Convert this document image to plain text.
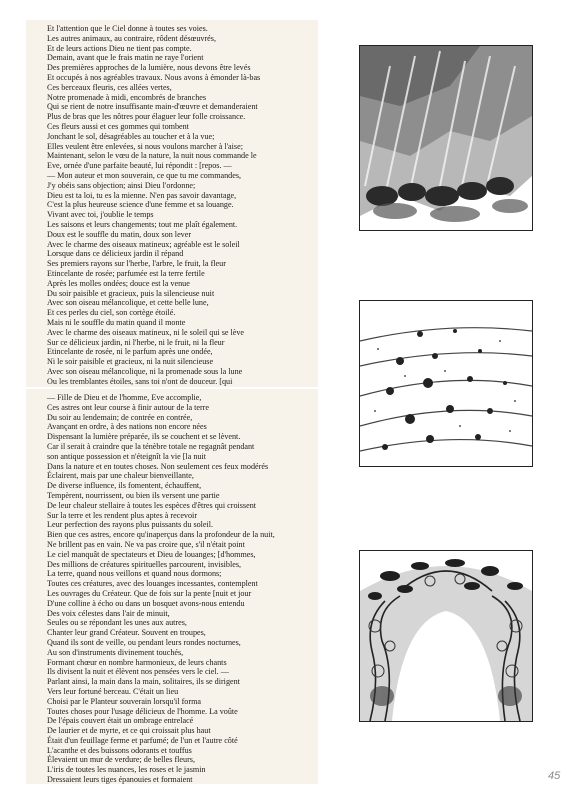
Et l'attention que le Ciel donne à toutes ses voies.
Les autres animaux, au contraire, rôdent désœuvrés,
Et de leurs actions Dieu ne tient pas compte.
Demain, avant que le frais matin ne raye l'orient
Des premières approches de la lumière, nous devons être levés
Et occupés à nos agréables travaux. Nous avons à émonder là-bas
Ces berceaux fleuris, ces allées vertes,
Notre promenade à midi, encombrés de branches
Qui se rient de notre insuffisante main-d'œuvre et demanderaient
Plus de bras que les nôtres pour élaguer leur folle croissance.
Ces fleurs aussi et ces gommes qui tombent
Jonchant le sol, désagréables au toucher et à la vue;
Elles veulent être enlevées, si nous voulons marcher à l'aise;
Maintenant, selon le vœu de la nature, la nuit nous commande le
Eve, ornée d'une parfaite beauté, lui répondit : [repos. —
— Mon auteur et mon souverain, ce que tu me commandes,
J'y obéis sans objection; ainsi Dieu l'ordonne;
Dieu est ta loi, tu es la mienne. N'en pas savoir davantage,
C'est la plus heureuse science d'une femme et sa louange.
Vivant avec toi, j'oublie le temps
Les saisons et leurs changements; tout me plaît également.
Doux est le souffle du matin, doux son lever
Avec le charme des oiseaux matineux; agréable est le soleil
Lorsque dans ce délicieux jardin il répand
Ses premiers rayons sur l'herbe, l'arbre, le fruit, la fleur
Etincelante de rosée; parfumée est la terre fertile
Après les molles ondées; douce est la venue
Du soir paisible et gracieux, puis la silencieuse nuit
Avec son oiseau mélancolique, et cette belle lune,
Et ces perles du ciel, son cortège étoilé.
Mais ni le souffle du matin quand il monte
Avec le charme des oiseaux matineux, ni le soleil qui se lève
Sur ce délicieux jardin, ni l'herbe, ni le fruit, ni la fleur
Etincelante de rosée, ni le parfum après une ondée,
Ni le soir paisible et gracieux, ni la nuit silencieuse
Avec son oiseau mélancolique, ni la promenade sous la lune
Ou les tremblantes étoiles, sans toi n'ont de douceur. [qui
— Fille de Dieu et de l'homme, Eve accomplie,
Ces astres ont leur course à finir autour de la terre
Du soir au lendemain; de contrée en contrée,
Avançant en ordre, à des nations non encore nées
Dispensant la lumière préparée, ils se couchent et se lèvent.
Car il serait à craindre que la ténèbre totale ne regagnât pendant
son antique possession et n'éteignît la vie [la nuit
Dans la nature et en toutes choses. Non seulement ces feux modérés
Éclairent, mais par une chaleur bienveillante,
De diverse influence, ils fomentent, échauffent,
Tempèrent, nourrissent, ou bien ils versent une partie
De leur chaleur stellaire à toutes les espèces d'êtres qui croissent
Sur la terre et les rendent plus aptes à recevoir
Leur perfection des rayons plus puissants du soleil.
Bien que ces astres, encore qu'inaperçus dans la profondeur de la nuit,
Ne brillent pas en vain. Ne va pas croire que, s'il n'était point
Le ciel manquât de spectateurs et Dieu de louanges; [d'hommes,
Des millions de créatures spirituelles parcourent, invisibles,
La terre, quand nous veillons et quand nous dormons;
Toutes ces créatures, avec des louanges incessantes, contemplent
Les ouvrages du Créateur. Que de fois sur la pente [nuit et jour
D'une colline à écho ou dans un bosquet avons-nous entendu
Des voix célestes dans l'air de minuit,
Seules ou se répondant les unes aux autres,
Chanter leur grand Créateur. Souvent en troupes,
Quand ils sont de veille, ou pendant leurs rondes nocturnes,
Au son d'instruments divinement touchés,
Formant chœur en nombre harmonieux, de leurs chants
Ils divisent la nuit et élèvent nos pensées vers le ciel. —
Parlant ainsi, la main dans la main, solitaires, ils se dirigent
Vers leur fortuné berceau. C'était un lieu
Choisi par le Planteur souverain lorsqu'il forma
Toutes choses pour l'usage délicieux de l'homme. La voûte
De l'épais couvert était un ombrage entrelacé
De laurier et de myrte, et ce qui croissait plus haut
Était d'un feuillage ferme et parfumé; de l'un et l'autre côté
L'acanthe et des buissons odorants et touffus
Élevaient un mur de verdure; de belles fleurs,
L'iris de toutes les nuances, les roses et le jasmin
Dressaient leurs tiges épanouies et formaient	45
